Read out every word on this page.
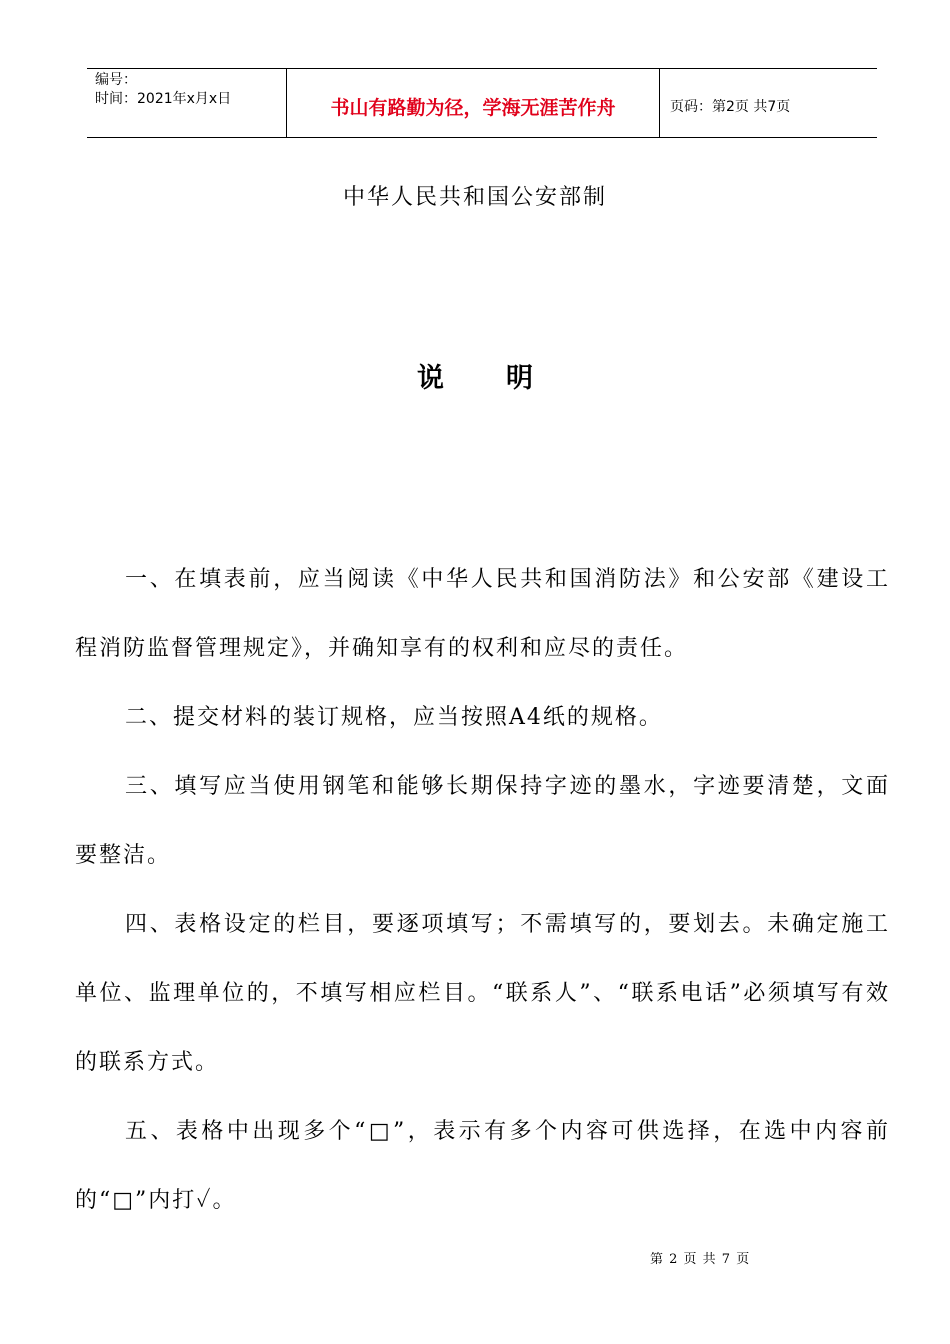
编号：
时间：2021年x月x日	书山有路勤为径，学海无涯苦作舟	页码：第2页 共7页
中华人民共和国公安部制
说 明

一、在填表前，应当阅读《中华人民共和国消防法》和公安部《建设工程消防监督管理规定》，并确知享有的权利和应尽的责任。

二、提交材料的装订规格，应当按照A4纸的规格。

三、填写应当使用钢笔和能够长期保持字迹的墨水，字迹要清楚，文面要整洁。

四、表格设定的栏目，要逐项填写；不需填写的，要划去。未确定施工单位、监理单位的，不填写相应栏目。“联系人”、“联系电话”必须填写有效的联系方式。

五、表格中出现多个“□”，表示有多个内容可供选择，在选中内容前的“□”内打✓。

第 2 页 共 7 页
